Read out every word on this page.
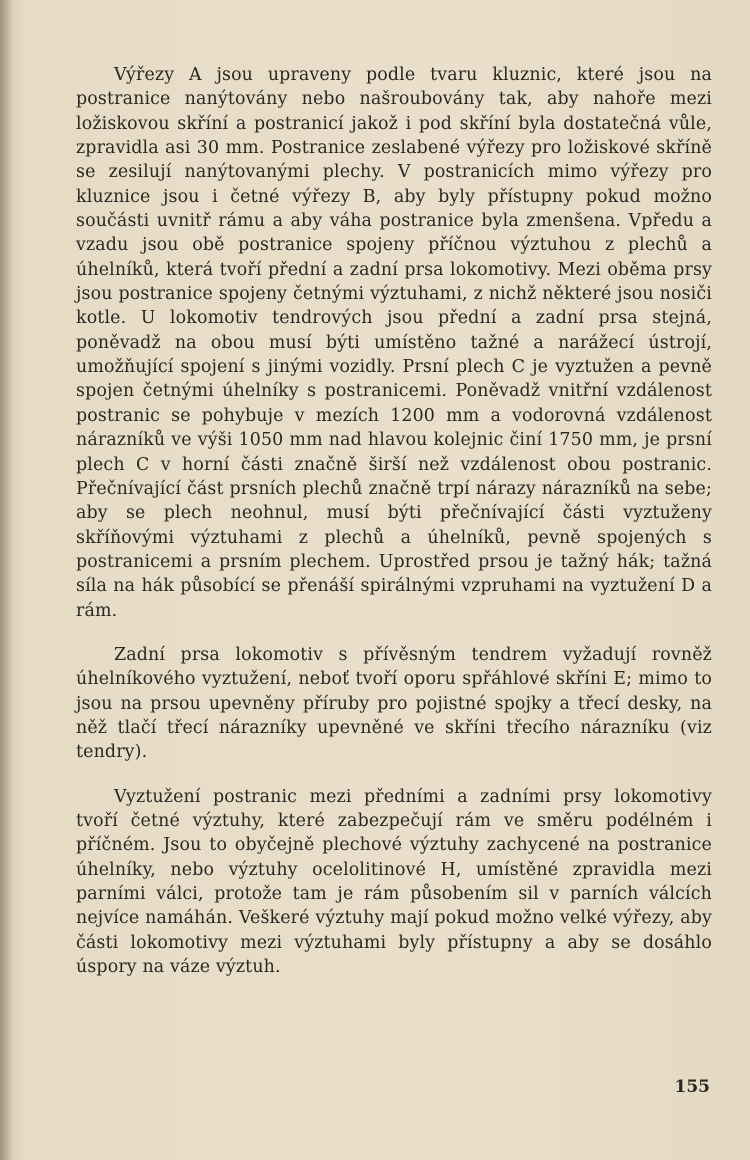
Výřezy A jsou upraveny podle tvaru kluznic, které jsou na postranice nanýtovány nebo našroubovány tak, aby nahoře mezi ložiskovou skříní a postranicí jakož i pod skříní byla dostatečná vůle, zpravidla asi 30 mm. Postranice zeslabené výřezy pro ložiskové skříně se zesilují nanýtovanými plechy. V postranicích mimo výřezy pro kluznice jsou i četné výřezy B, aby byly přístupny pokud možno součásti uvnitř rámu a aby váha postranice byla zmenšena. Vpředu a vzadu jsou obě postranice spojeny příčnou výztuhou z plechů a úhelníků, která tvoří přední a zadní prsa lokomotivy. Mezi oběma prsy jsou postranice spojeny četnými výztuhami, z nichž některé jsou nosiči kotle. U lokomotiv tendrových jsou přední a zadní prsa stejná, poněvadž na obou musí býti umístěno tažné a narážecí ústrojí, umožňující spojení s jinými vozidly. Prsní plech C je vyztužen a pevně spojen četnými úhelníky s postranicemi. Poněvadž vnitřní vzdálenost postranic se pohybuje v mezích 1200 mm a vodorovná vzdálenost nárazníků ve výši 1050 mm nad hlavou kolejnic činí 1750 mm, je prsní plech C v horní části značně širší než vzdálenost obou postranic. Přečnívající část prsních plechů značně trpí nárazy nárazníků na sebe; aby se plech neohnul, musí býti přečnívající části vyztuženy skříňovými výztuhami z plechů a úhelníků, pevně spojených s postranicemi a prsním plechem. Uprostřed prsou je tažný hák; tažná síla na hák působící se přenáší spirálnými vzpruhami na vyztužení D a rám.

Zadní prsa lokomotiv s přívěsným tendrem vyžadují rovněž úhelníkového vyztužení, neboť tvoří oporu spřáhlové skříni E; mimo to jsou na prsou upevněny příruby pro pojistné spojky a třecí desky, na něž tlačí třecí nárazníky upevněné ve skříni třecího nárazníku (viz tendry).

Vyztužení postranic mezi předními a zadními prsy lokomotivy tvoří četné výztuhy, které zabezpečují rám ve směru podélném i příčném. Jsou to obyčejně plechové výztuhy zachycené na postranice úhelníky, nebo výztuhy ocelolitinové H, umístěné zpravidla mezi parními válci, protože tam je rám působením sil v parních válcích nejvíce namáhán. Veškeré výztuhy mají pokud možno velké výřezy, aby části lokomotivy mezi výztuhami byly přístupny a aby se dosáhlo úspory na váze výztuh.

155
